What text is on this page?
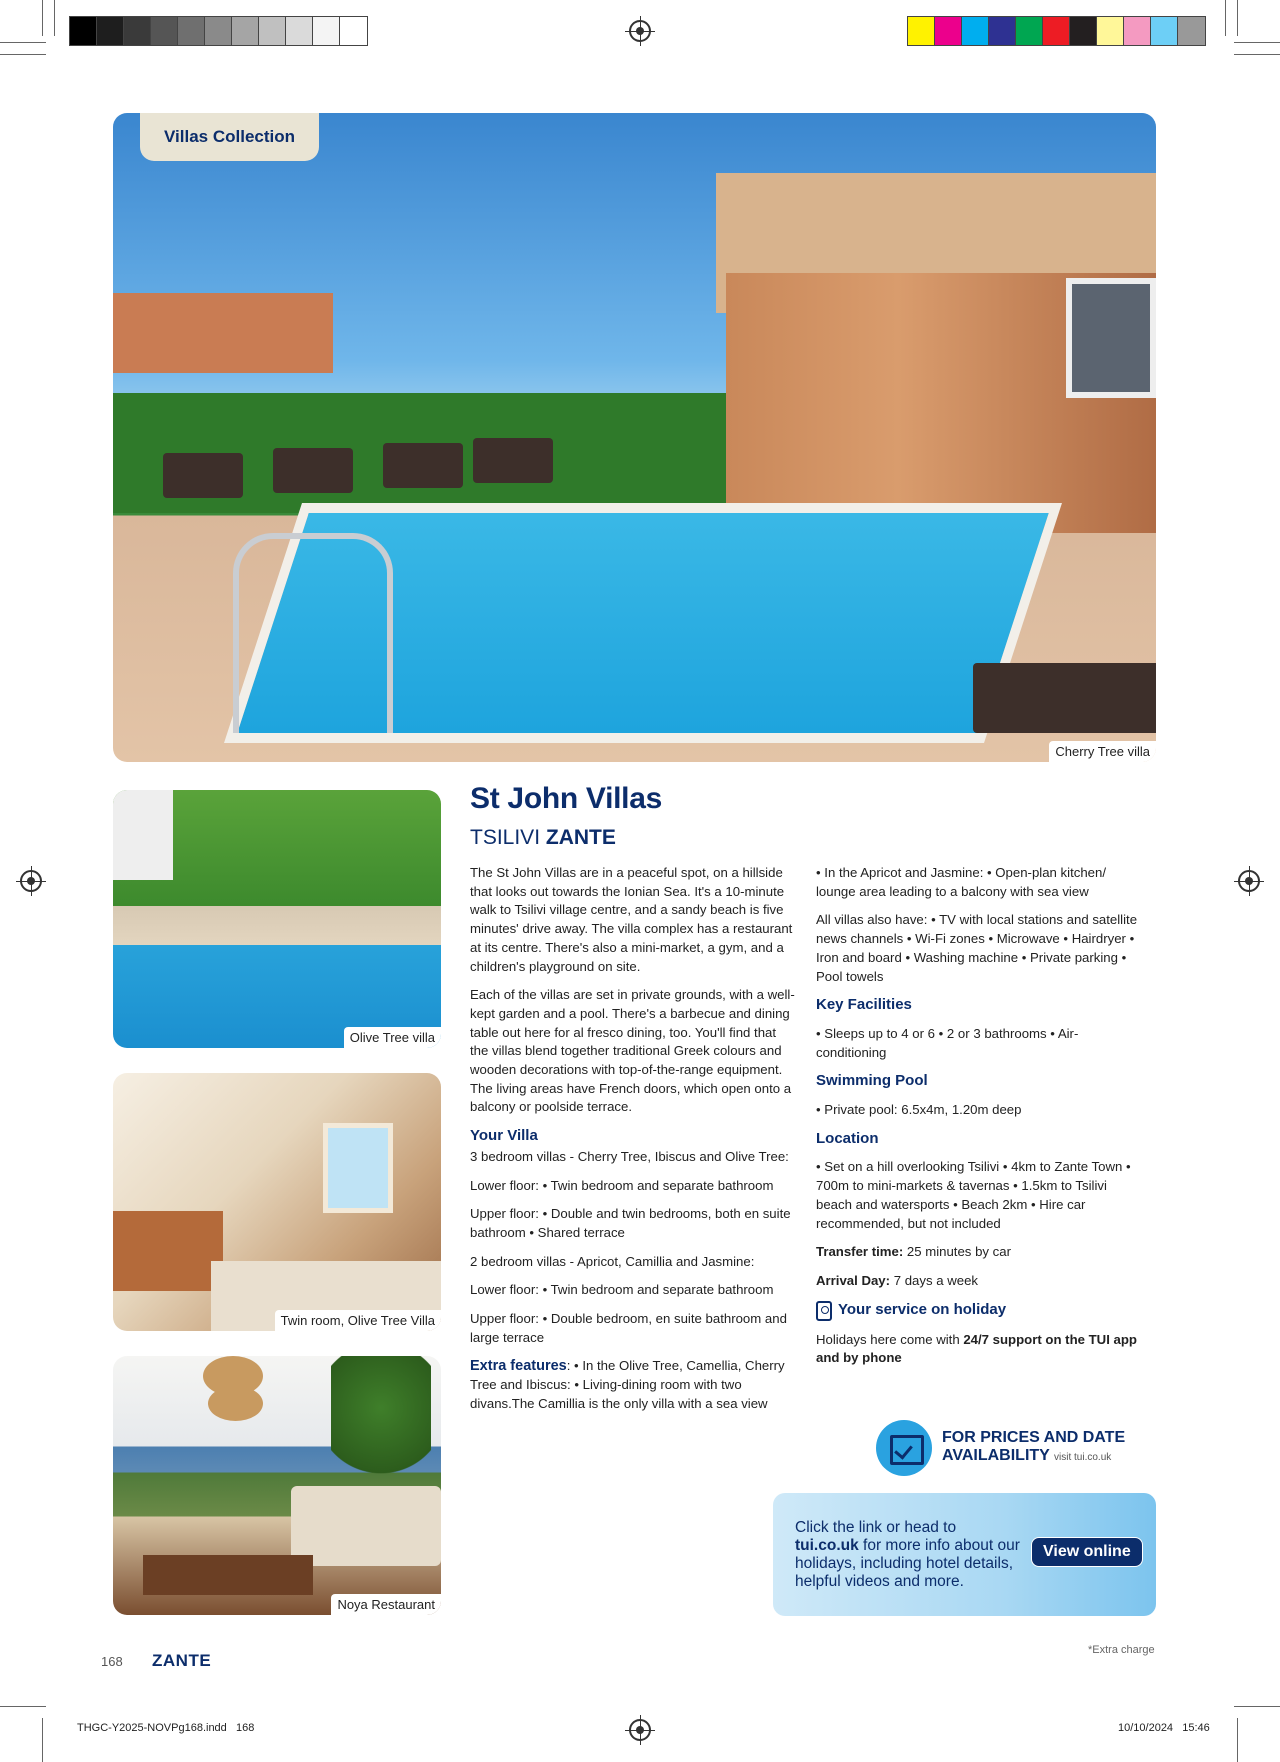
Villas Collection
Cherry Tree villa
Olive Tree villa
Twin room, Olive Tree Villa
Noya Restaurant
St John Villas
TSILIVI ZANTE

The St John Villas are in a peaceful spot, on a hillside that looks out towards the Ionian Sea. It's a 10-minute walk to Tsilivi village centre, and a sandy beach is five minutes' drive away. The villa complex has a restaurant at its centre. There's also a mini-market, a gym, and a children's playground on site.

Each of the villas are set in private grounds, with a well-kept garden and a pool. There's a barbecue and dining table out here for al fresco dining, too. You'll find that the villas blend together traditional Greek colours and wooden decorations with top-of-the-range equipment. The living areas have French doors, which open onto a balcony or poolside terrace.

Your Villa

3 bedroom villas - Cherry Tree, Ibiscus and Olive Tree:

Lower floor: • Twin bedroom and separate bathroom

Upper floor: • Double and twin bedrooms, both en suite bathroom • Shared terrace

2 bedroom villas - Apricot, Camillia and Jasmine:

Lower floor: • Twin bedroom and separate bathroom

Upper floor: • Double bedroom, en suite bathroom and large terrace

Extra features: • In the Olive Tree, Camellia, Cherry Tree and Ibiscus: • Living-dining room with two divans.The Camillia is the only villa with a sea view

• In the Apricot and Jasmine: • Open-plan kitchen/ lounge area leading to a balcony with sea view

All villas also have: • TV with local stations and satellite news channels • Wi-Fi zones • Microwave • Hairdryer • Iron and board • Washing machine • Private parking • Pool towels

Key Facilities

• Sleeps up to 4 or 6 • 2 or 3 bathrooms • Air-conditioning

Swimming Pool

• Private pool: 6.5x4m, 1.20m deep

Location

• Set on a hill overlooking Tsilivi • 4km to Zante Town • 700m to mini-markets & tavernas • 1.5km to Tsilivi beach and watersports • Beach 2km • Hire car recommended, but not included

Transfer time: 25 minutes by car

Arrival Day: 7 days a week

Your service on holiday

Holidays here come with 24/7 support on the TUI app and by phone

FOR PRICES AND DATE
AVAILABILITY visit tui.co.uk
Click the link or head to
tui.co.uk for more info about our holidays, including hotel details, helpful videos and more.
View online
*Extra charge
168 ZANTE
THGC-Y2025-NOVPg168.indd   168	10/10/2024   15:46
